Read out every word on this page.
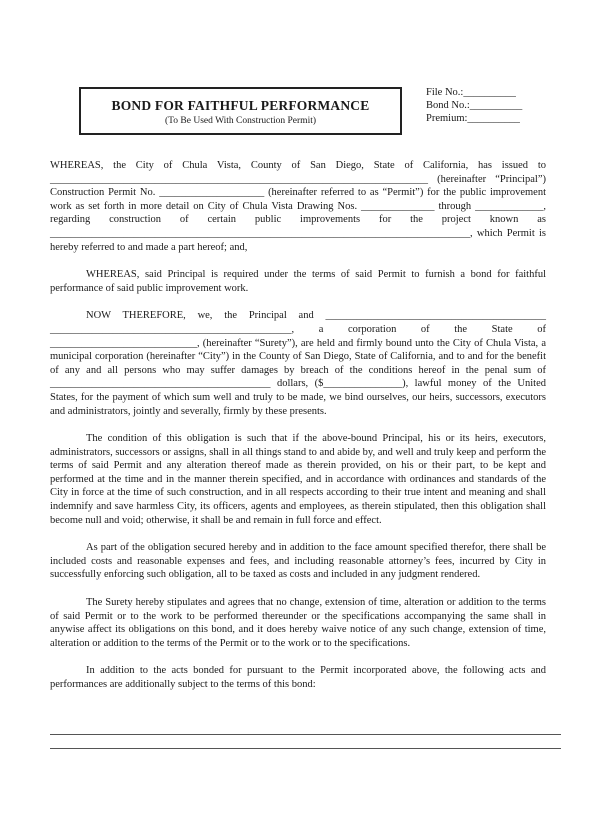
BOND FOR FAITHFUL PERFORMANCE
(To Be Used With Construction Permit)
File No.:__________
Bond No.:__________
Premium:__________

WHEREAS, the City of Chula Vista, County of San Diego, State of California, has issued to ________________________________________________________________________ (hereinafter “Principal”) Construction Permit No. ____________________ (hereinafter referred to as “Permit”) for the public improvement work as set forth in more detail on City of Chula Vista Drawing Nos. ______________ through _____________, regarding construction of certain public improvements for the project known as ________________________________________________________________________________, which Permit is hereby referred to and made a part hereof; and,

WHEREAS, said Principal is required under the terms of said Permit to furnish a bond for faithful performance of said public improvement work.

NOW THEREFORE, we, the Principal and __________________________________________ ______________________________________________, a corporation of the State of ____________________________, (hereinafter “Surety”), are held and firmly bound unto the City of Chula Vista, a municipal corporation (hereinafter “City”) in the County of San Diego, State of California, and to and for the benefit of any and all persons who may suffer damages by breach of the conditions hereof in the penal sum of __________________________________________ dollars, ($_______________), lawful money of the United States, for the payment of which sum well and truly to be made, we bind ourselves, our heirs, successors, executors and administrators, jointly and severally, firmly by these presents.

The condition of this obligation is such that if the above-bound Principal, his or its heirs, executors, administrators, successors or assigns, shall in all things stand to and abide by, and well and truly keep and perform the terms of said Permit and any alteration thereof made as therein provided, on his or their part, to be kept and performed at the time and in the manner therein specified, and in accordance with ordinances and standards of the City in force at the time of such construction, and in all respects according to their true intent and meaning and shall indemnify and save harmless City, its officers, agents and employees, as therein stipulated, then this obligation shall become null and void; otherwise, it shall be and remain in full force and effect.

As part of the obligation secured hereby and in addition to the face amount specified therefor, there shall be included costs and reasonable expenses and fees, and including reasonable attorney’s fees, incurred by City in successfully enforcing such obligation, all to be taxed as costs and included in any judgment rendered.

The Surety hereby stipulates and agrees that no change, extension of time, alteration or addition to the terms of said Permit or to the work to be performed thereunder or the specifications accompanying the same shall in anywise affect its obligations on this bond, and it does hereby waive notice of any such change, extension of time, alteration or addition to the terms of the Permit or to the work or to the specifications.

In addition to the acts bonded for pursuant to the Permit incorporated above, the following acts and performances are additionally subject to the terms of this bond:
